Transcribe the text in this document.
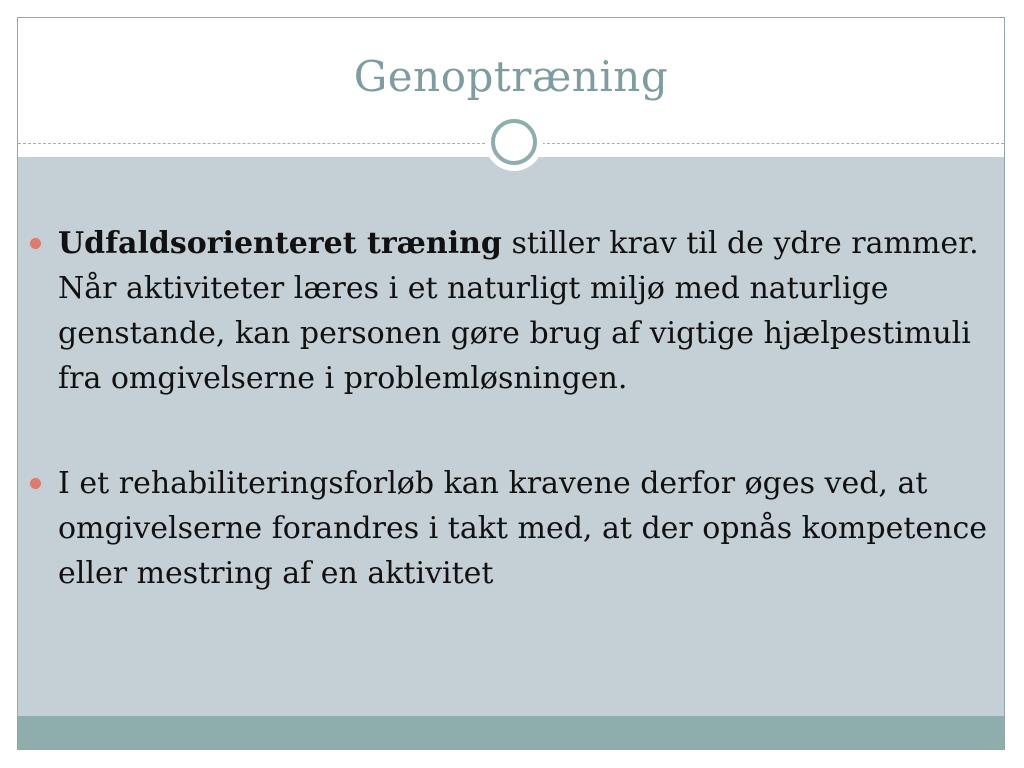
Genoptræning
Udfaldsorienteret træning stiller krav til de ydre rammer. Når aktiviteter læres i et naturligt miljø med naturlige genstande, kan personen gøre brug af vigtige hjælpestimuli fra omgivelserne i problemløsningen.
I et rehabiliteringsforløb kan kravene derfor øges ved, at omgivelserne forandres i takt med, at der opnås kompetence eller mestring af en aktivitet
